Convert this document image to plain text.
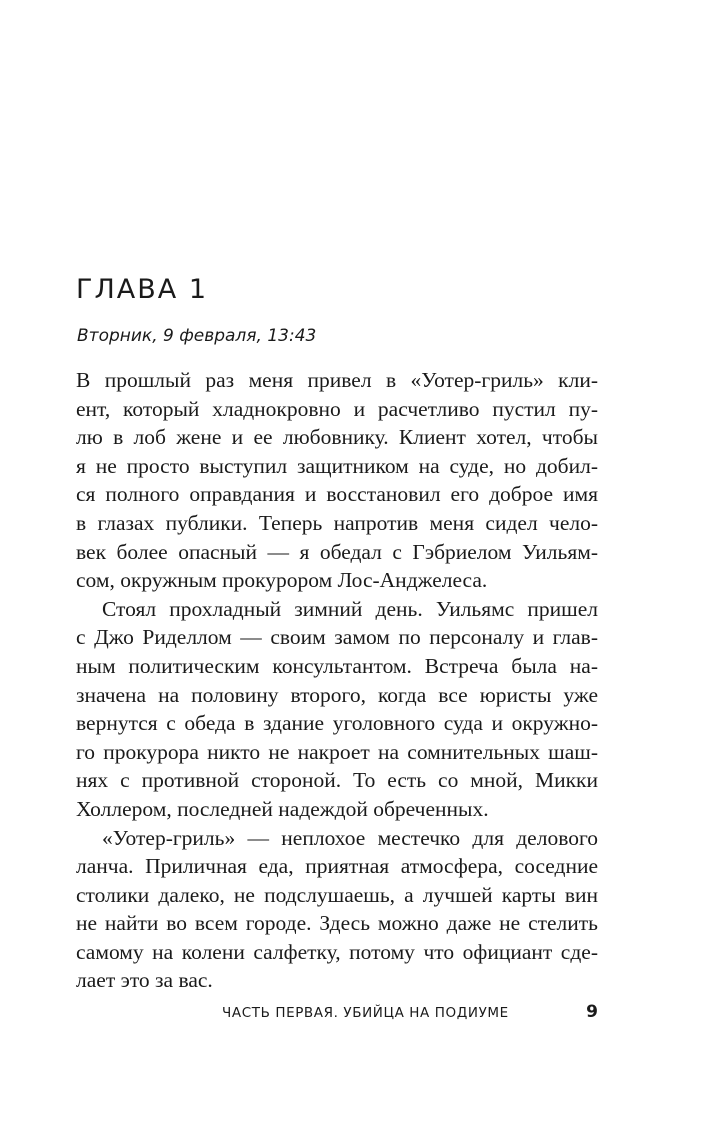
ГЛАВА 1

Вторник, 9 февраля, 13:43

В прошлый раз меня привел в «Уотер-гриль» кли-
ент, который хладнокровно и расчетливо пустил пу-
лю в лоб жене и ее любовнику. Клиент хотел, чтобы
я не просто выступил защитником на суде, но добил-
ся полного оправдания и восстановил его доброе имя
в глазах публики. Теперь напротив меня сидел чело-
век более опасный — я обедал с Гэбриелом Уильям-
сом, окружным прокурором Лос-Анджелеса.
Стоял прохладный зимний день. Уильямс пришел
с Джо Риделлом — своим замом по персоналу и глав-
ным политическим консультантом. Встреча была на-
значена на половину второго, когда все юристы уже
вернутся с обеда в здание уголовного суда и окружно-
го прокурора никто не накроет на сомнительных шаш-
нях с противной стороной. То есть со мной, Микки
Холлером, последней надеждой обреченных.
«Уотер-гриль» — неплохое местечко для делового
ланча. Приличная еда, приятная атмосфера, соседние
столики далеко, не подслушаешь, а лучшей карты вин
не найти во всем городе. Здесь можно даже не стелить
самому на колени салфетку, потому что официант сде-
лает это за вас.
ЧАСТЬ ПЕРВАЯ. УБИЙЦА НА ПОДИУМЕ	9
